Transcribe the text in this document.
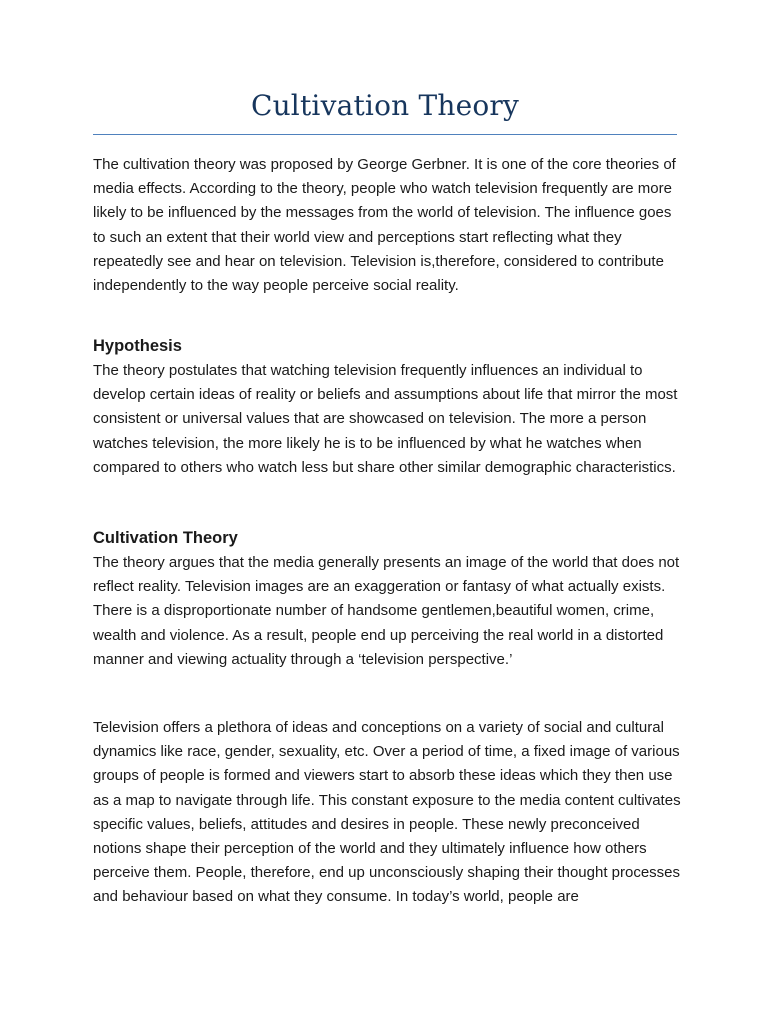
Cultivation Theory

The cultivation theory was proposed by George Gerbner. It is one of the core theories of media effects. According to the theory, people who watch television frequently are more likely to be influenced by the messages from the world of television. The influence goes to such an extent that their world view and perceptions start reflecting what they repeatedly see and hear on television. Television is,therefore, considered to contribute independently to the way people perceive social reality.

Hypothesis

The theory postulates that watching television frequently influences an individual to develop certain ideas of reality or beliefs and assumptions about life that mirror the most consistent or universal values that are showcased on television. The more a person watches television, the more likely he is to be influenced by what he watches when compared to others who watch less but share other similar demographic characteristics.

Cultivation Theory

The theory argues that the media generally presents an image of the world that does not reflect reality. Television images are an exaggeration or fantasy of what actually exists. There is a disproportionate number of handsome gentlemen,beautiful women, crime, wealth and violence. As a result, people end up perceiving the real world in a distorted manner and viewing actuality through a ‘television perspective.’

Television offers a plethora of ideas and conceptions on a variety of social and cultural dynamics like race, gender, sexuality, etc. Over a period of time, a fixed image of various groups of people is formed and viewers start to absorb these ideas which they then use as a map to navigate through life. This constant exposure to the media content cultivates specific values, beliefs, attitudes and desires in people. These newly preconceived notions shape their perception of the world and they ultimately influence how others perceive them. People, therefore, end up unconsciously shaping their thought processes and behaviour based on what they consume. In today’s world, people are
